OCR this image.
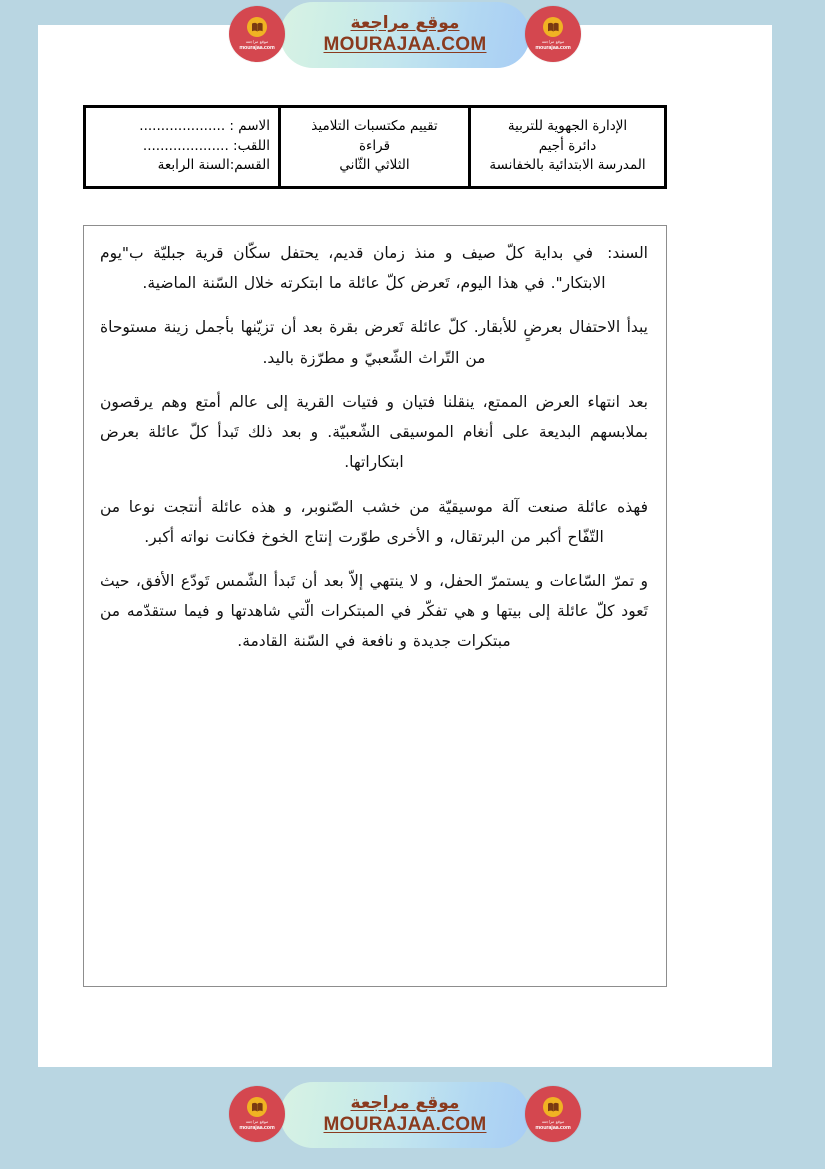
موقع مراجعة
mourajaa.com
موقع مراجعة
MOURAJAA.COM	موقع مراجعة
mourajaa.com
الإدارة الجهوية للتربية
دائرة أجيم
المدرسة الابتدائية بالخفانسة
تقييم مكتسبات التلاميذ
قراءة
الثلاثي الثّاني
الاسم : ....................
اللقب: ....................
القسم:السنة الرابعة

السند:في بداية كلّ صيف و منذ زمان قديم، يحتفل سكّان قرية جبليّة ب"يوم الابتكار". في هذا اليوم، تَعرض كلّ عائلة ما ابتكرته خلال السّنة الماضية.

يبدأ الاحتفال بعرضٍ للأبقار. كلّ عائلة تَعرض بقرة بعد أن تزيّنها بأجمل زينة مستوحاة من التّراث الشّعبيّ و مطرّزة باليد.

بعد انتهاء العرض الممتع، ينقلنا فتيان و فتيات القرية إلى عالم أمتع وهم يرقصون بملابسهم البديعة على أنغام الموسيقى الشّعبيّة. و بعد ذلك تَبدأ كلّ عائلة بعرض ابتكاراتها.

فهذه عائلة صنعت آلة موسيقيّة من خشب الصّنوبر، و هذه عائلة أنتجت نوعا من التّفّاح أكبر من البرتقال، و الأخرى طوّرت إنتاج الخوخ فكانت نواته أكبر.

و تمرّ السّاعات و يستمرّ الحفل، و لا ينتهي إلاّ بعد أن تَبدأ الشّمس تَودّع الأفق، حيث تَعود كلّ عائلة إلى بيتها و هي تفكّر في المبتكرات الّتي شاهدتها و فيما ستقدّمه من مبتكرات جديدة و نافعة في السّنة القادمة.

موقع مراجعة
mourajaa.com
موقع مراجعة
MOURAJAA.COM	موقع مراجعة
mourajaa.com
